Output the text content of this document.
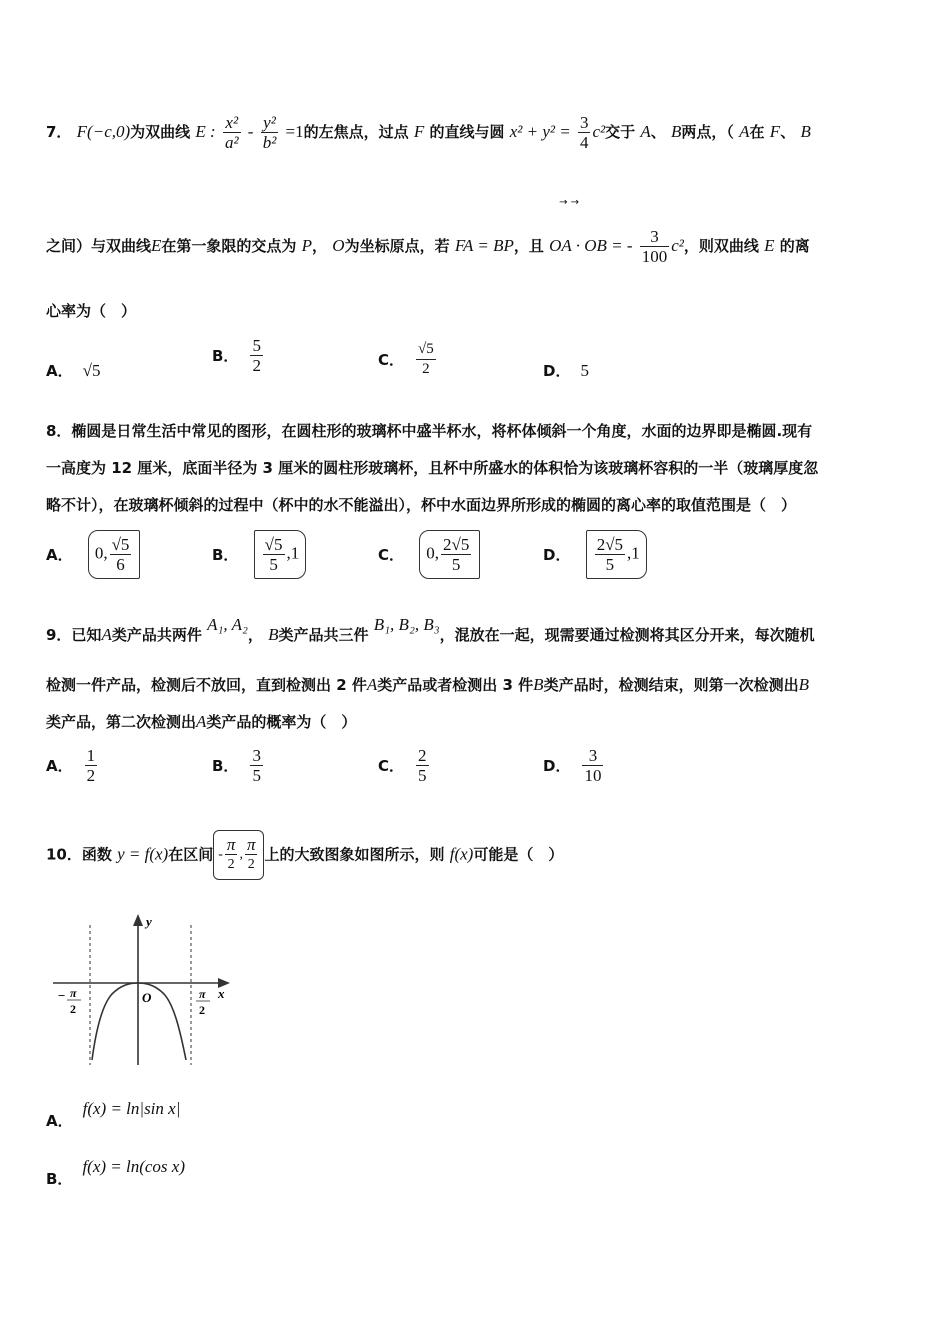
7． F(−c,0)为双曲线 E : $\frac{\text{x²}}{\text{a²}} - \frac{\text{y²}}{\text{b²}} =1$的左焦点，过点 F 的直线与圆 $x^2 + y^2 = \frac{3}{4} c^2$交于 A、 B两点，（ A在 F、 B
之间）与双曲线E在第一象限的交点为 P， O为坐标原点，若 FA = BP，且
→ →
OA · OB = - $\frac{3}{100} c^2$，则双曲线 E 的离
心率为（　）
A． √5
B． $\frac{5}{2}$	C． $\frac{√5}{2}$	D． 5
8．椭圆是日常生活中常见的图形，在圆柱形的玻璃杯中盛半杯水，将杯体倾斜一个角度，水面的边界即是椭圆.现有
一高度为 12 厘米，底面半径为 3 厘米的圆柱形玻璃杯，且杯中所盛水的体积恰为该玻璃杯容积的一半（玻璃厚度忽
略不计），在玻璃杯倾斜的过程中（杯中的水不能溢出），杯中水面边界所形成的椭圆的离心率的取值范围是（　）
A． 0, $\frac{√5}{6}$	B． $\frac{√5}{5} ,1$	C． 0, $\frac{2√5}{5}$	D． $\frac{2√5}{5} ,1$
9．已知A类产品共两件 A₁, A₂， B类产品共三件 B₁, B₂, B₃，混放在一起，现需要通过检测将其区分开来，每次随机
检测一件产品，检测后不放回，直到检测出 2 件A类产品或者检测出 3 件B类产品时，检测结束，则第一次检测出B
类产品，第二次检测出A类产品的概率为（　）
A． $\frac{1}{2}$	B． $\frac{3}{5}$	C． $\frac{2}{5}$	D． $\frac{3}{10}$
10．函数 y = f(x)在区间 - $\frac{\pi}{2}$ , $\frac{\pi}{2}$ 上的大致图象如图所示，则 f(x)可能是（　）
y
x
O
− π
2
π
2
A．f(x) = ln|sin x|
B．f(x) = ln(cos x)
